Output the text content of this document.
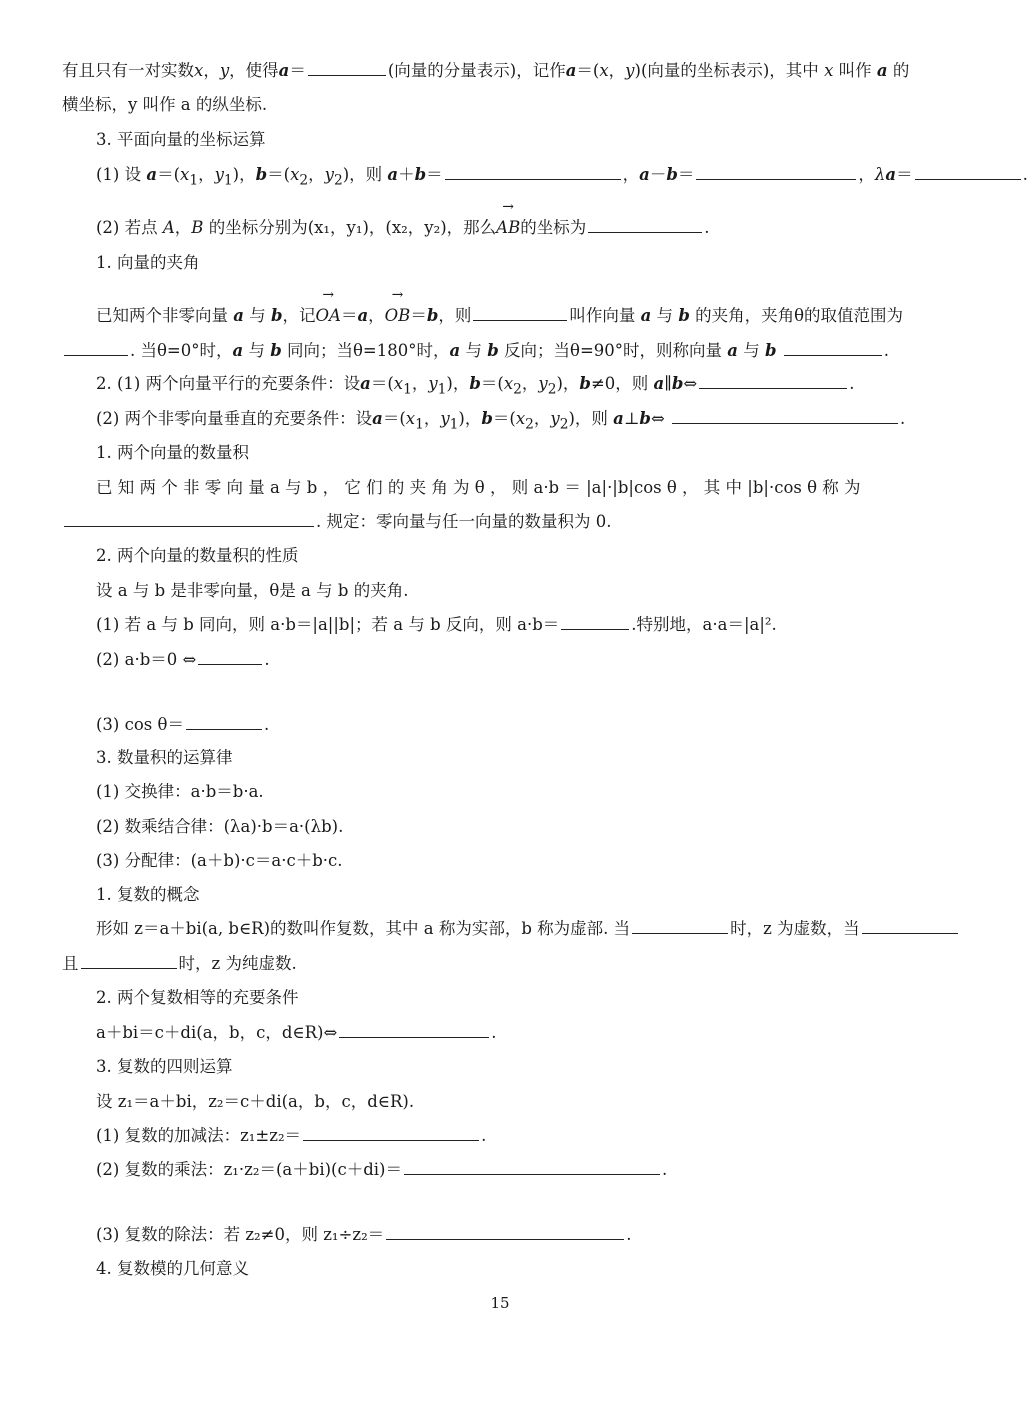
有且只有一对实数x，y，使得a＝	(向量的分量表示)，记作a＝(x，y)(向量的坐标表示)，其中 x 叫作 a 的
横坐标，y 叫作 a 的纵坐标.
3. 平面向量的坐标运算
(1) 设 $a=(x_1$，$y_1$)，$b=(x_2$，$y_2$)，则 a＋b＝	，a－b＝	，λa＝	.
(2) 若点 A，B 的坐标分别为(x₁，y₁)，(x₂，y₂)，那么
→
AB的坐标为	.
1. 向量的夹角
已知两个非零向量 a 与 b，记
→
OA＝a，
→
OB＝b，则	叫作向量 a 与 b 的夹角，夹角θ的取值范围为
. 当θ=0°时，a 与 b 同向；当θ=180°时，a 与 b 反向；当θ=90°时，则称向量 a 与 b	.
2. (1) 两个向量平行的充要条件：设$a=(x_1$，$y_1$)，$b=(x_2$，$y_2$)，b≠0，则 a∥b⇔	.
(2) 两个非零向量垂直的充要条件：设$a=(x_1$，$y_1$)，$b=(x_2$，$y_2$)，则 a⊥b⇔	.
1. 两个向量的数量积
已 知 两 个 非 零 向 量 a 与 b ， 它 们 的 夹 角 为 θ ， 则 a·b ＝ |a|·|b|cos θ ， 其 中 |b|·cos θ 称 为
. 规定：零向量与任一向量的数量积为 0.
2. 两个向量的数量积的性质
设 a 与 b 是非零向量，θ是 a 与 b 的夹角.
(1) 若 a 与 b 同向，则 a·b＝|a||b|；若 a 与 b 反向，则 a·b＝	.特别地，a·a＝|a|².
(2) a·b＝0 ⇔	.
(3) cos θ＝	.
3. 数量积的运算律
(1) 交换律：a·b＝b·a.
(2) 数乘结合律：(λa)·b＝a·(λb).
(3) 分配律：(a＋b)·c＝a·c＋b·c.
1. 复数的概念
形如 z＝a＋bi(a, b∈R)的数叫作复数，其中 a 称为实部，b 称为虚部. 当	时，z 为虚数，当
且	时，z 为纯虚数.
2. 两个复数相等的充要条件
a＋bi＝c＋di(a，b，c，d∈R)⇔	.
3. 复数的四则运算
设 z₁＝a＋bi，z₂＝c＋di(a，b，c，d∈R).
(1) 复数的加减法：z₁±z₂＝	.
(2) 复数的乘法：z₁·z₂＝(a＋bi)(c＋di)＝	.
(3) 复数的除法：若 z₂≠0，则 z₁÷z₂＝	.
4. 复数模的几何意义
15
